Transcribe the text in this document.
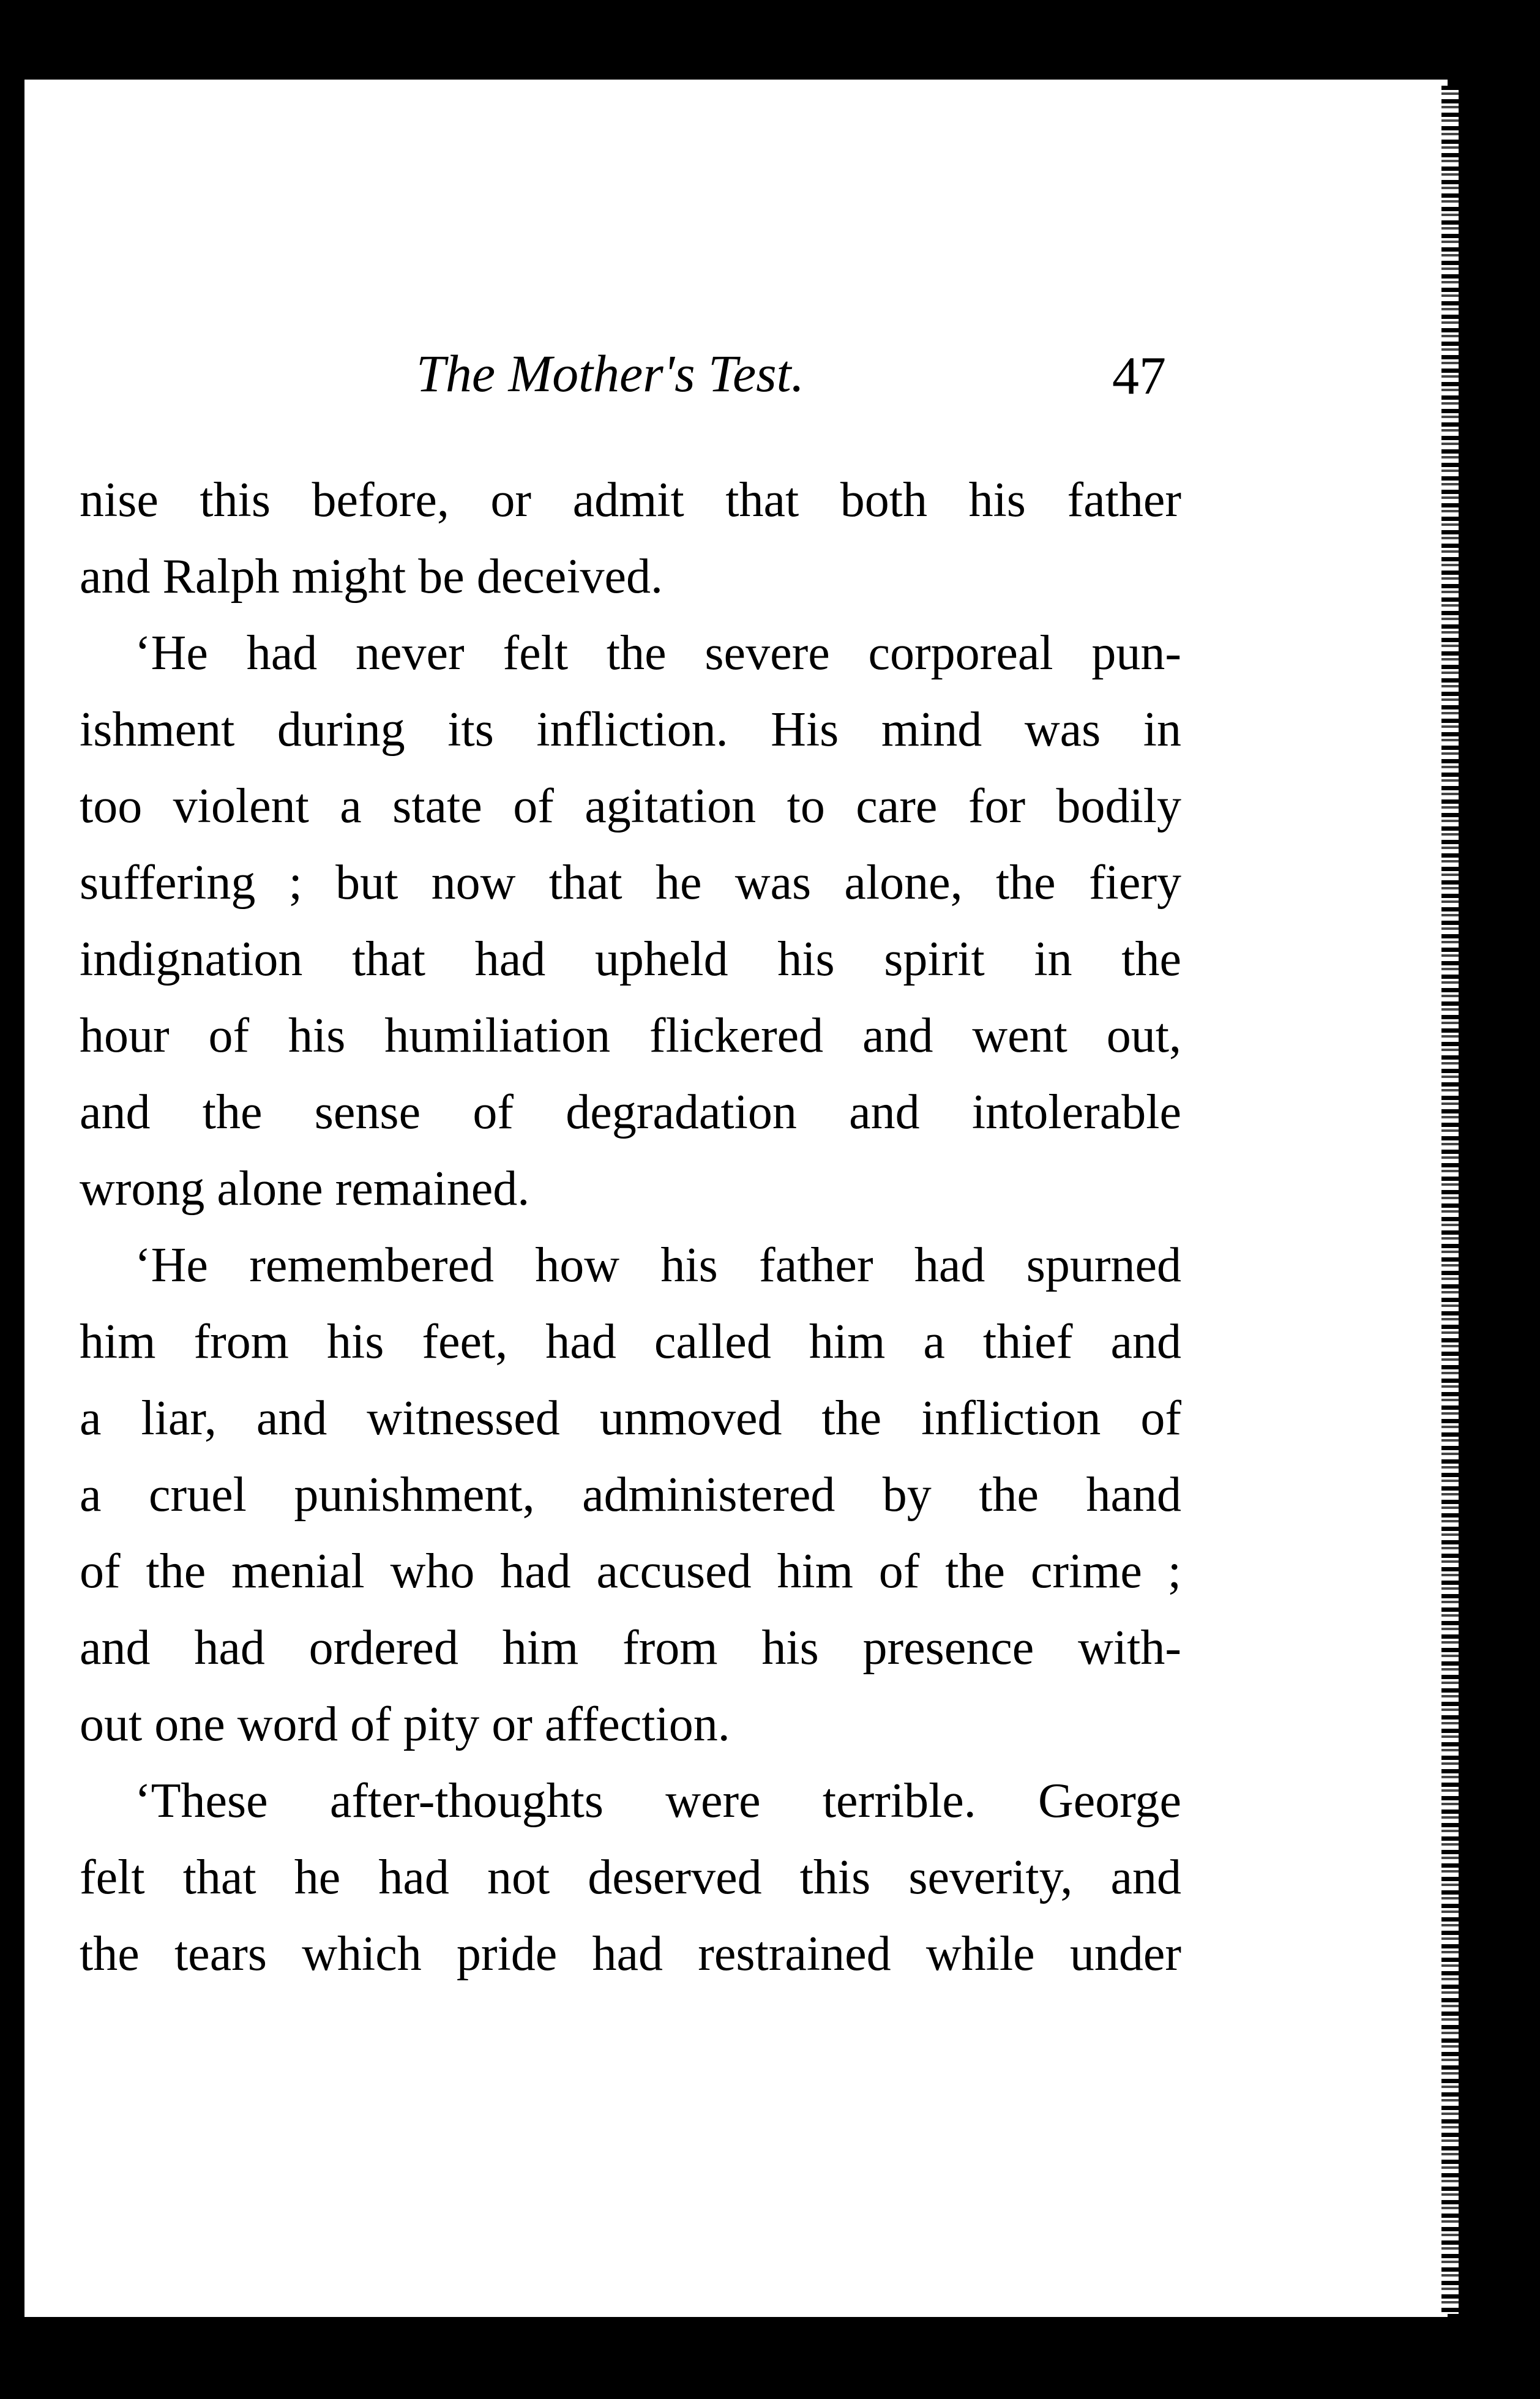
The Mother's Test.	47
nise this before, or admit that both his father
and Ralph might be deceived.
‘He had never felt the severe corporeal pun-
ishment during its infliction. His mind was in
too violent a state of agitation to care for bodily
suffering ; but now that he was alone, the fiery
indignation that had upheld his spirit in the
hour of his humiliation flickered and went out,
and the sense of degradation and intolerable
wrong alone remained.
‘He remembered how his father had spurned
him from his feet, had called him a thief and
a liar, and witnessed unmoved the infliction of
a cruel punishment, administered by the hand
of the menial who had accused him of the crime ;
and had ordered him from his presence with-
out one word of pity or affection.
‘These after-thoughts were terrible. George
felt that he had not deserved this severity, and
the tears which pride had restrained while under
